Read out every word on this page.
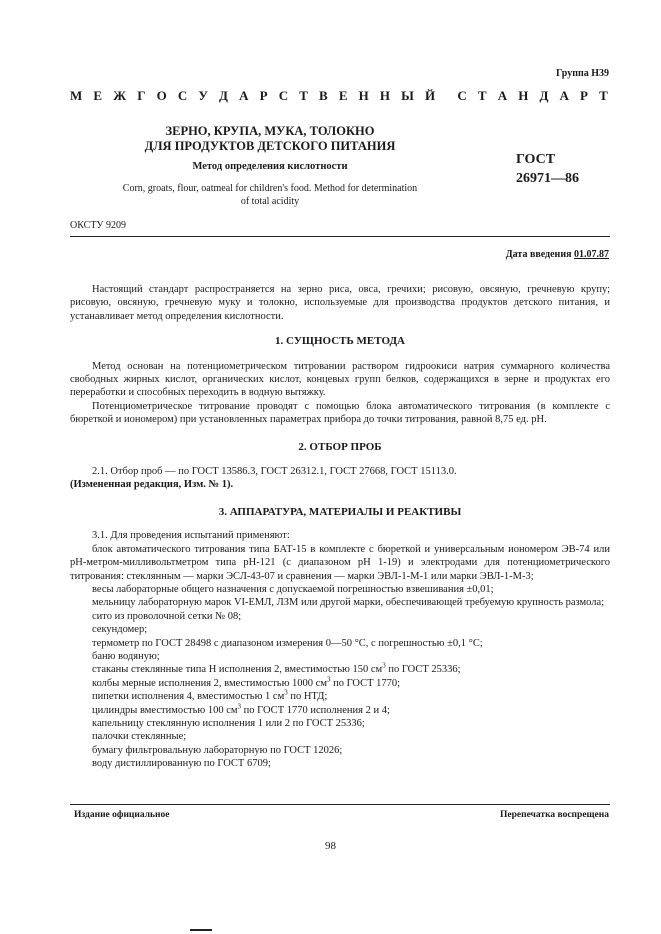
Группа Н39
М Е Ж Г О С У Д А Р С Т В Е Н Н Ы Й С Т А Н Д А Р Т
ЗЕРНО, КРУПА, МУКА, ТОЛОКНО
ДЛЯ ПРОДУКТОВ ДЕТСКОГО ПИТАНИЯ
Метод определения кислотности
Corn, groats, flour, oatmeal for children's food. Method for determination
of total acidity
ГОСТ
26971—86
ОКСТУ 9209
Дата введения 01.07.87

Настоящий стандарт распространяется на зерно риса, овса, гречихи; рисовую, овсяную, гречневую крупу; рисовую, овсяную, гречневую муку и толокно, используемые для производства продуктов детского питания, и устанавливает метод определения кислотности.

1. СУЩНОСТЬ МЕТОДА

Метод основан на потенциометрическом титровании раствором гидроокиси натрия суммарного количества свободных жирных кислот, органических кислот, концевых групп белков, содержащихся в зерне и продуктах его переработки и способных переходить в водную вытяжку.

Потенциометрическое титрование проводят с помощью блока автоматического титрования (в комплекте с бюреткой и иономером) при установленных параметрах прибора до точки титрования, равной 8,75 ед. pH.

2. ОТБОР ПРОБ

2.1. Отбор проб — по ГОСТ 13586.3, ГОСТ 26312.1, ГОСТ 27668, ГОСТ 15113.0.

(Измененная редакция, Изм. № 1).

3. АППАРАТУРА, МАТЕРИАЛЫ И РЕАКТИВЫ

3.1. Для проведения испытаний применяют:

блок автоматического титрования типа БАТ-15 в комплекте с бюреткой и универсальным иономером ЭВ-74 или pH-метром-милливольтметром типа pH-121 (с диапазоном pH 1-19) и электродами для потенциометрического титрования: стеклянным — марки ЭСЛ-43-07 и сравнения — марки ЭВЛ-1-М-1 или марки ЭВЛ-1-М-3;

весы лабораторные общего назначения с допускаемой погрешностью взвешивания ±0,01;

мельницу лабораторную марок VI-ЕМЛ, ЛЗМ или другой марки, обеспечивающей требуемую крупность размола;

сито из проволочной сетки № 08;

секундомер;

термометр по ГОСТ 28498 с диапазоном измерения 0—50 °С, с погрешностью ±0,1 °С;

баню водяную;

стаканы стеклянные типа Н исполнения 2, вместимостью 150 $см^3$ по ГОСТ 25336;

колбы мерные исполнения 2, вместимостью 1000 $см^3$ по ГОСТ 1770;

пипетки исполнения 4, вместимостью 1 $см^3$ по НТД;

цилиндры вместимостью 100 $см^3$ по ГОСТ 1770 исполнения 2 и 4;

капельницу стеклянную исполнения 1 или 2 по ГОСТ 25336;

палочки стеклянные;

бумагу фильтровальную лабораторную по ГОСТ 12026;

воду дистиллированную по ГОСТ 6709;

Издание официальное	Перепечатка воспрещена
98
